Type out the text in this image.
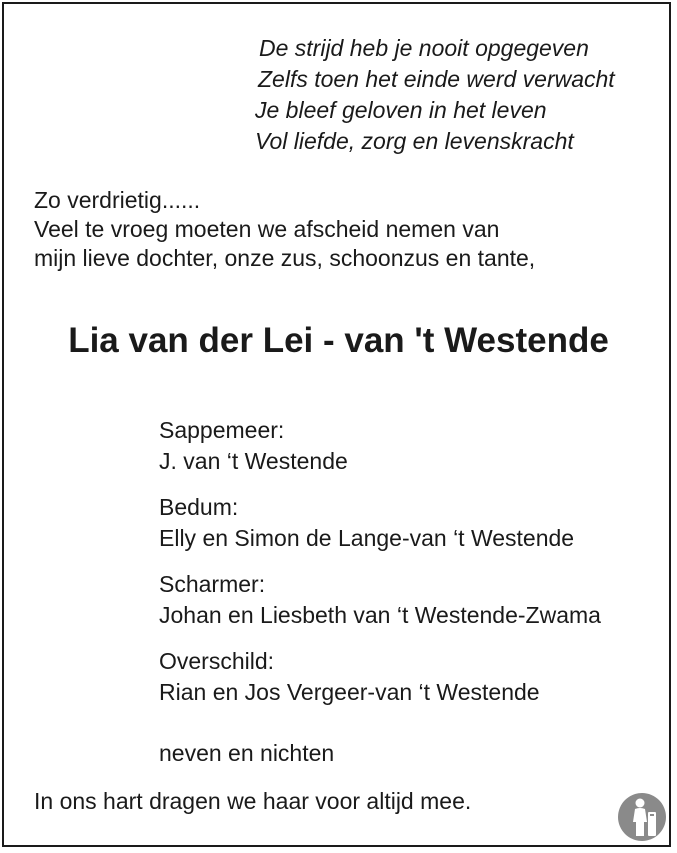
De strijd heb je nooit opgegeven
Zelfs toen het einde werd verwacht
Je bleef geloven in het leven
Vol liefde, zorg en levenskracht
Zo verdrietig......
Veel te vroeg moeten we afscheid nemen van
mijn lieve dochter, onze zus, schoonzus en tante,
Lia van der Lei - van 't Westende
Sappemeer:
J. van ‘t Westende
Bedum:
Elly en Simon de Lange-van ‘t Westende
Scharmer:
Johan en Liesbeth van ‘t Westende-Zwama
Overschild:
Rian en Jos Vergeer-van ‘t Westende
neven en nichten
In ons hart dragen we haar voor altijd mee.
